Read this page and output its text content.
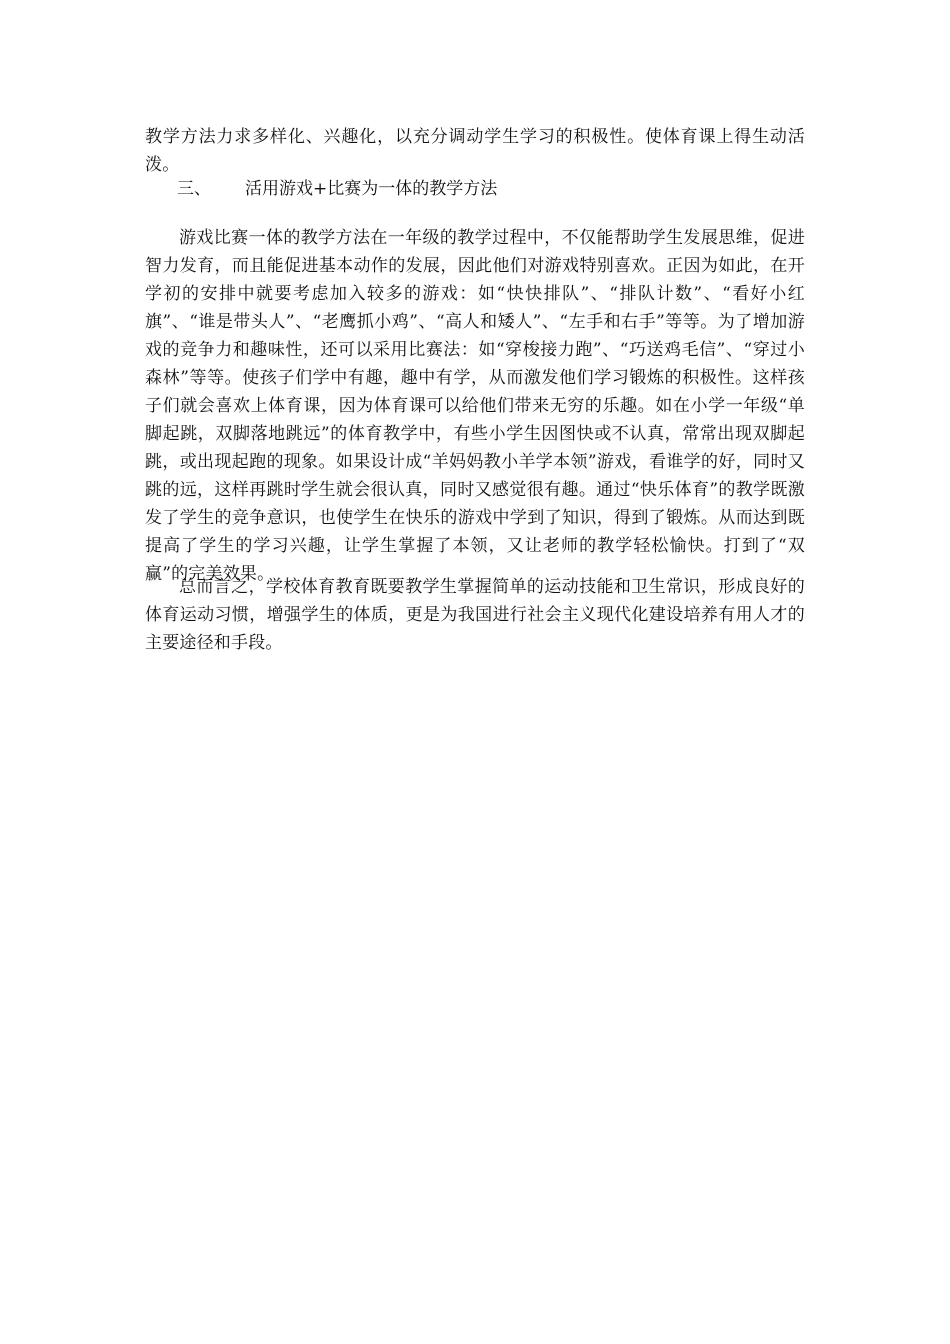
教学方法力求多样化、兴趣化，以充分调动学生学习的积极性。使体育课上得生动活泼。

三、 活用游戏+比赛为一体的教学方法

游戏比赛一体的教学方法在一年级的教学过程中，不仅能帮助学生发展思维，促进智力发育，而且能促进基本动作的发展，因此他们对游戏特别喜欢。正因为如此，在开学初的安排中就要考虑加入较多的游戏：如“快快排队”、“排队计数”、“看好小红旗”、“谁是带头人”、“老鹰抓小鸡”、“高人和矮人”、“左手和右手”等等。为了增加游戏的竞争力和趣味性，还可以采用比赛法：如“穿梭接力跑”、“巧送鸡毛信”、“穿过小森林”等等。使孩子们学中有趣，趣中有学，从而激发他们学习锻炼的积极性。这样孩子们就会喜欢上体育课，因为体育课可以给他们带来无穷的乐趣。如在小学一年级“单脚起跳，双脚落地跳远”的体育教学中，有些小学生因图快或不认真，常常出现双脚起跳，或出现起跑的现象。如果设计成“羊妈妈教小羊学本领”游戏，看谁学的好，同时又跳的远，这样再跳时学生就会很认真，同时又感觉很有趣。通过“快乐体育”的教学既激发了学生的竞争意识，也使学生在快乐的游戏中学到了知识，得到了锻炼。从而达到既提高了学生的学习兴趣，让学生掌握了本领，又让老师的教学轻松愉快。打到了“双赢”的完美效果。

总而言之，学校体育教育既要教学生掌握简单的运动技能和卫生常识，形成良好的体育运动习惯，增强学生的体质，更是为我国进行社会主义现代化建设培养有用人才的主要途径和手段。
